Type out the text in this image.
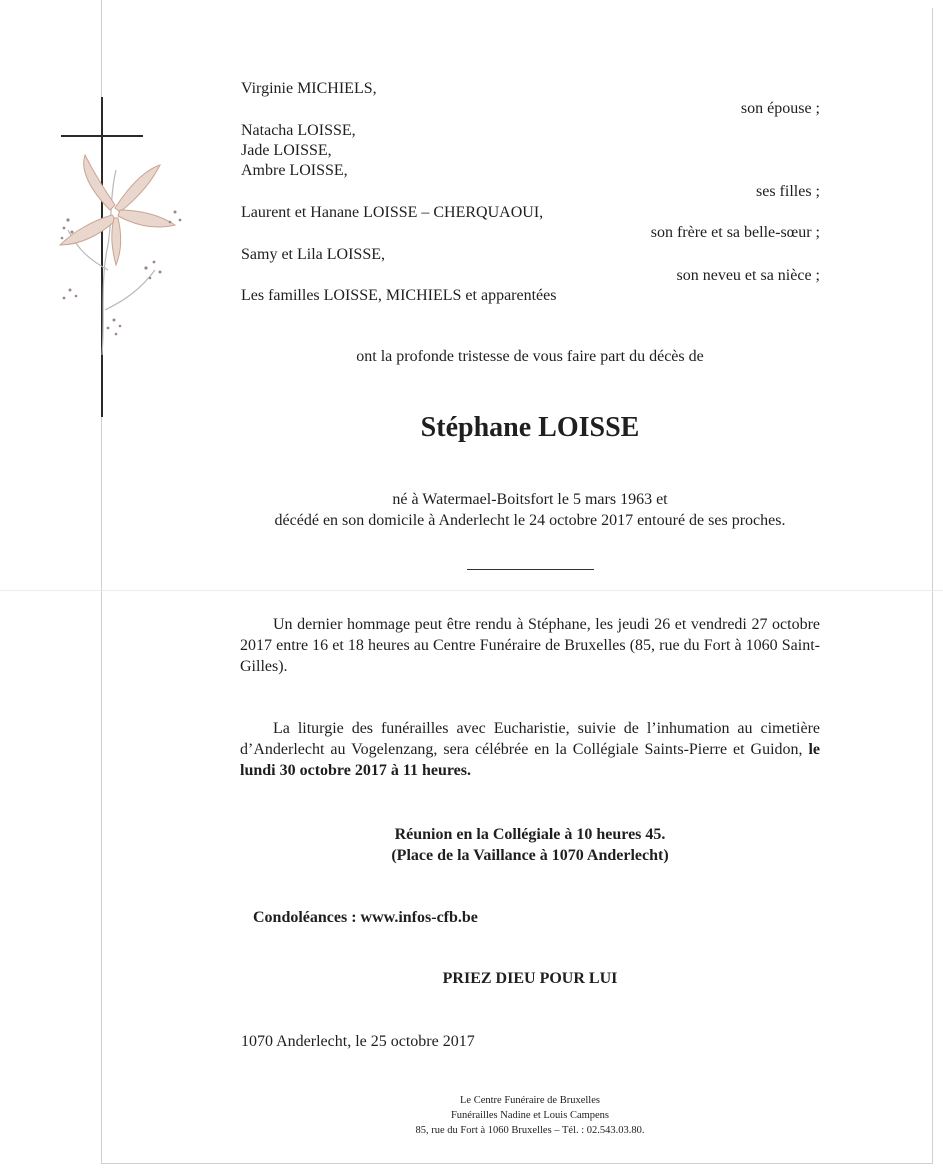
Virginie MICHIELS,
son épouse ;
Natacha LOISSE,
Jade LOISSE,
Ambre LOISSE,
ses filles ;
Laurent et Hanane LOISSE – CHERQUAOUI,
son frère et sa belle-sœur ;
Samy et Lila LOISSE,
son neveu et sa nièce ;
Les familles LOISSE, MICHIELS et apparentées
ont la profonde tristesse de vous faire part du décès de
Stéphane LOISSE
né à Watermael-Boitsfort le 5 mars 1963 et
décédé en son domicile à Anderlecht le 24 octobre 2017 entouré de ses proches.
Un dernier hommage peut être rendu à Stéphane, les jeudi 26 et vendredi 27 octobre 2017 entre 16 et 18 heures au Centre Funéraire de Bruxelles (85, rue du Fort à 1060 Saint-Gilles).
La liturgie des funérailles avec Eucharistie, suivie de l’inhumation au cimetière d’Anderlecht au Vogelenzang, sera célébrée en la Collégiale Saints-Pierre et Guidon, le lundi 30 octobre 2017 à 11 heures.
Réunion en la Collégiale à 10 heures 45.
(Place de la Vaillance à 1070 Anderlecht)
Condoléances : www.infos-cfb.be
PRIEZ DIEU POUR LUI
1070 Anderlecht, le 25 octobre 2017
Le Centre Funéraire de Bruxelles
Funérailles Nadine et Louis Campens
85, rue du Fort à 1060 Bruxelles – Tél. : 02.543.03.80.
